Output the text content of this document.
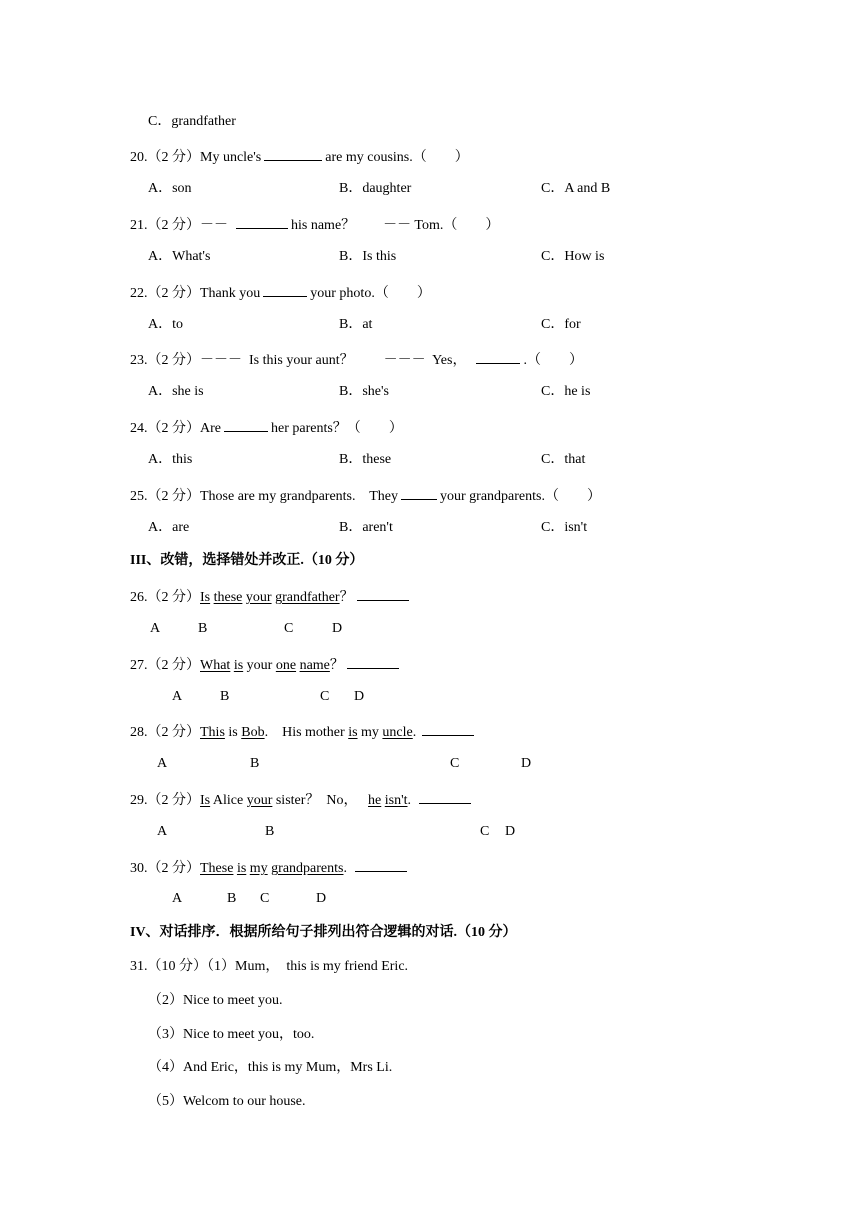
C．grandfather
20.（2 分）My uncle's	are my cousins.（ ）
A．son	B．daughter	C．A and B
21.（2 分）－－	his name？ －－ Tom.（ ）
A．What's	B．Is this	C．How is
22.（2 分）Thank you	your photo.（ ）
A．to	B．at	C．for
23.（2 分）－－－  Is this your aunt？ －－－  Yes，	.（ ）
A．she is	B．she's	C．he is
24.（2 分）Are	her parents？（ ）
A．this	B．these	C．that
25.（2 分）Those are my grandparents.    They	your grandparents.（ ）
A．are	B．aren't	C．isn't
III、改错，选择错处并改正.（10 分）
26.（2 分）Is these your grandfather？
A	B	C	D
27.（2 分）What is your one name？
A	B	C D
28.（2 分）This is Bob.    His mother is my uncle.
A	B	C	D
29.（2 分）Is Alice your sister？  No， he isn't.
A	B	C D
30.（2 分）These is my grandparents.
A	B C	D
IV、对话排序．根据所给句子排列出符合逻辑的对话.（10 分）
31.（10 分）（1）Mum，  this is my friend Eric.
（2）Nice to meet you.
（3）Nice to meet you，too.
（4）And Eric，this is my Mum，Mrs Li.
（5）Welcom to our house.
